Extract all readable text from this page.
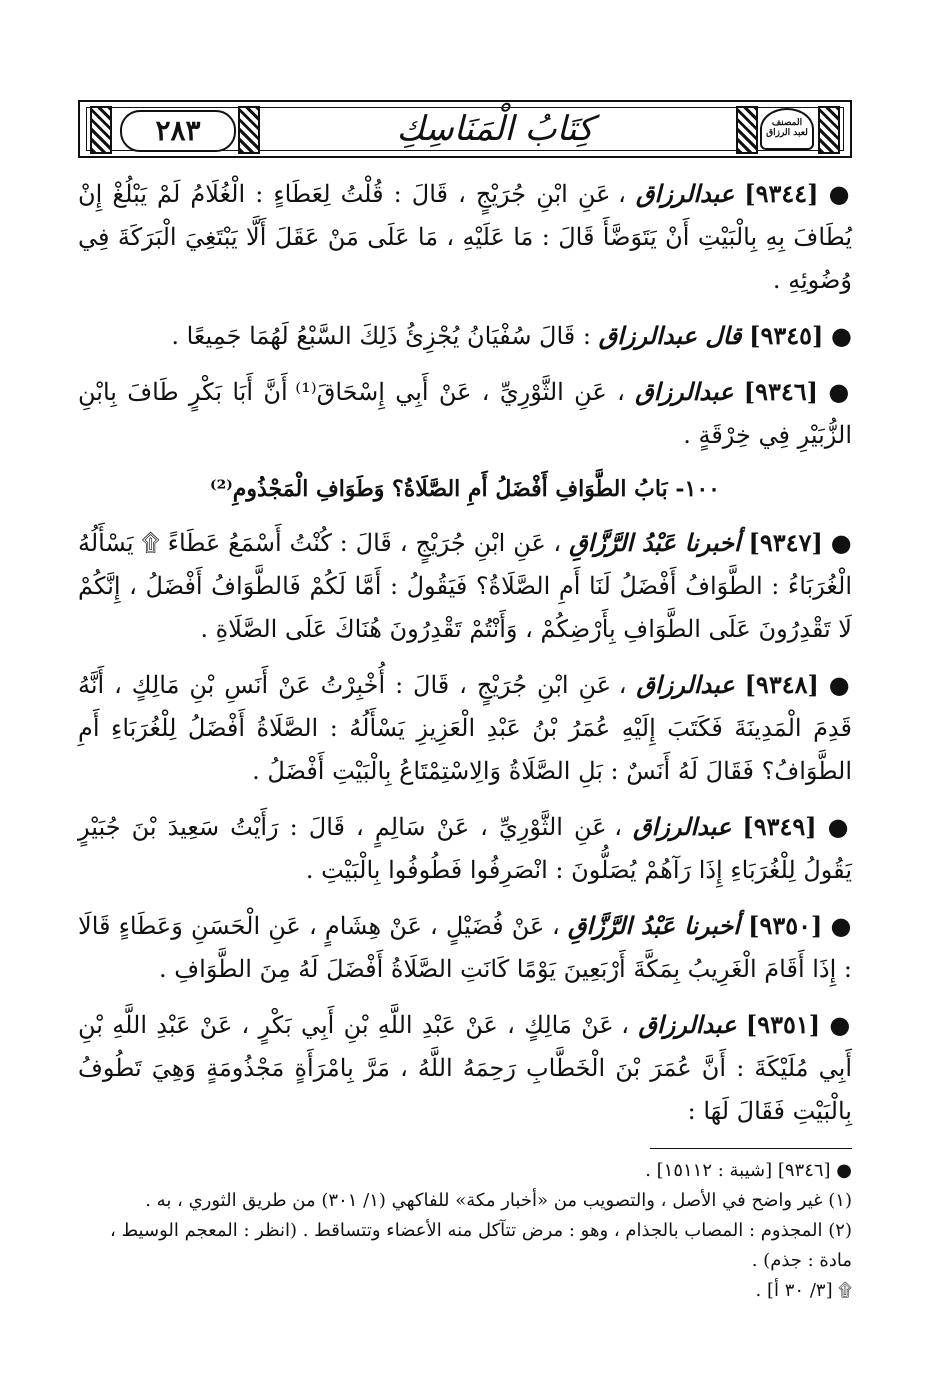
٢٨٣	كِتَابُ الْمَنَاسِكِ	المصنف
لعبد الرزاق
● [٩٣٤٤] عبدالرزاق ، عَنِ ابْنِ جُرَيْجٍ ، قَالَ : قُلْتُ لِعَطَاءٍ : الْغُلَامُ لَمْ يَبْلُغْ إِنْ يُطَافَ بِهِ بِالْبَيْتِ أَنْ يَتَوَضَّأَ قَالَ : مَا عَلَيْهِ ، مَا عَلَى مَنْ عَقَلَ أَلَّا يَبْتَغِيَ الْبَرَكَةَ فِي وُضُوئِهِ .
● [٩٣٤٥] قال عبدالرزاق : قَالَ سُفْيَانُ يُجْزِئُ ذَلِكَ السَّبْعُ لَهُمَا جَمِيعًا .
● [٩٣٤٦] عبدالرزاق ، عَنِ الثَّوْرِيِّ ، عَنْ أَبِي إِسْحَاقَ⁽¹⁾ أَنَّ أَبَا بَكْرٍ طَافَ بِابْنِ الزُّبَيْرِ فِي خِرْقَةٍ .
١٠٠- بَابُ الطَّوَافِ أَفْضَلُ أَمِ الصَّلَاةُ؟ وَطَوَافِ الْمَجْذُومِ⁽²⁾
● [٩٣٤٧] أخبرنا عَبْدُ الرَّزَّاقِ ، عَنِ ابْنِ جُرَيْجٍ ، قَالَ : كُنْتُ أَسْمَعُ عَطَاءً ۩ يَسْأَلُهُ الْغُرَبَاءُ : الطَّوَافُ أَفْضَلُ لَنَا أَمِ الصَّلَاةُ؟ فَيَقُولُ : أَمَّا لَكُمْ فَالطَّوَافُ أَفْضَلُ ، إِنَّكُمْ لَا تَقْدِرُونَ عَلَى الطَّوَافِ بِأَرْضِكُمْ ، وَأَنْتُمْ تَقْدِرُونَ هُنَاكَ عَلَى الصَّلَاةِ .
● [٩٣٤٨] عبدالرزاق ، عَنِ ابْنِ جُرَيْجٍ ، قَالَ : أُخْبِرْتُ عَنْ أَنَسِ بْنِ مَالِكٍ ، أَنَّهُ قَدِمَ الْمَدِينَةَ فَكَتَبَ إِلَيْهِ عُمَرُ بْنُ عَبْدِ الْعَزِيزِ يَسْأَلُهُ : الصَّلَاةُ أَفْضَلُ لِلْغُرَبَاءِ أَمِ الطَّوَافُ؟ فَقَالَ لَهُ أَنَسٌ : بَلِ الصَّلَاةُ وَالِاسْتِمْتَاعُ بِالْبَيْتِ أَفْضَلُ .
● [٩٣٤٩] عبدالرزاق ، عَنِ الثَّوْرِيِّ ، عَنْ سَالِمٍ ، قَالَ : رَأَيْتُ سَعِيدَ بْنَ جُبَيْرٍ يَقُولُ لِلْغُرَبَاءِ إِذَا رَآهُمْ يُصَلُّونَ : انْصَرِفُوا فَطُوفُوا بِالْبَيْتِ .
● [٩٣٥٠] أخبرنا عَبْدُ الرَّزَّاقِ ، عَنْ فُضَيْلٍ ، عَنْ هِشَامٍ ، عَنِ الْحَسَنِ وَعَطَاءٍ قَالَا : إِذَا أَقَامَ الْغَرِيبُ بِمَكَّةَ أَرْبَعِينَ يَوْمًا كَانَتِ الصَّلَاةُ أَفْضَلَ لَهُ مِنَ الطَّوَافِ .
● [٩٣٥١] عبدالرزاق ، عَنْ مَالِكٍ ، عَنْ عَبْدِ اللَّهِ بْنِ أَبِي بَكْرٍ ، عَنْ عَبْدِ اللَّهِ بْنِ أَبِي مُلَيْكَةَ : أَنَّ عُمَرَ بْنَ الْخَطَّابِ رَحِمَهُ اللَّهُ ، مَرَّ بِامْرَأَةٍ مَجْذُومَةٍ وَهِيَ تَطُوفُ بِالْبَيْتِ فَقَالَ لَهَا :
● [٩٣٤٦] [شيبة : ١٥١١٢] .
(١) غير واضح في الأصل ، والتصويب من «أخبار مكة» للفاكهي (١/ ٣٠١) من طريق الثوري ، به .
(٢) المجذوم : المصاب بالجذام ، وهو : مرض تتآكل منه الأعضاء وتتساقط . (انظر : المعجم الوسيط ، مادة : جذم) .
۩ [٣/ ٣٠ أ] .
